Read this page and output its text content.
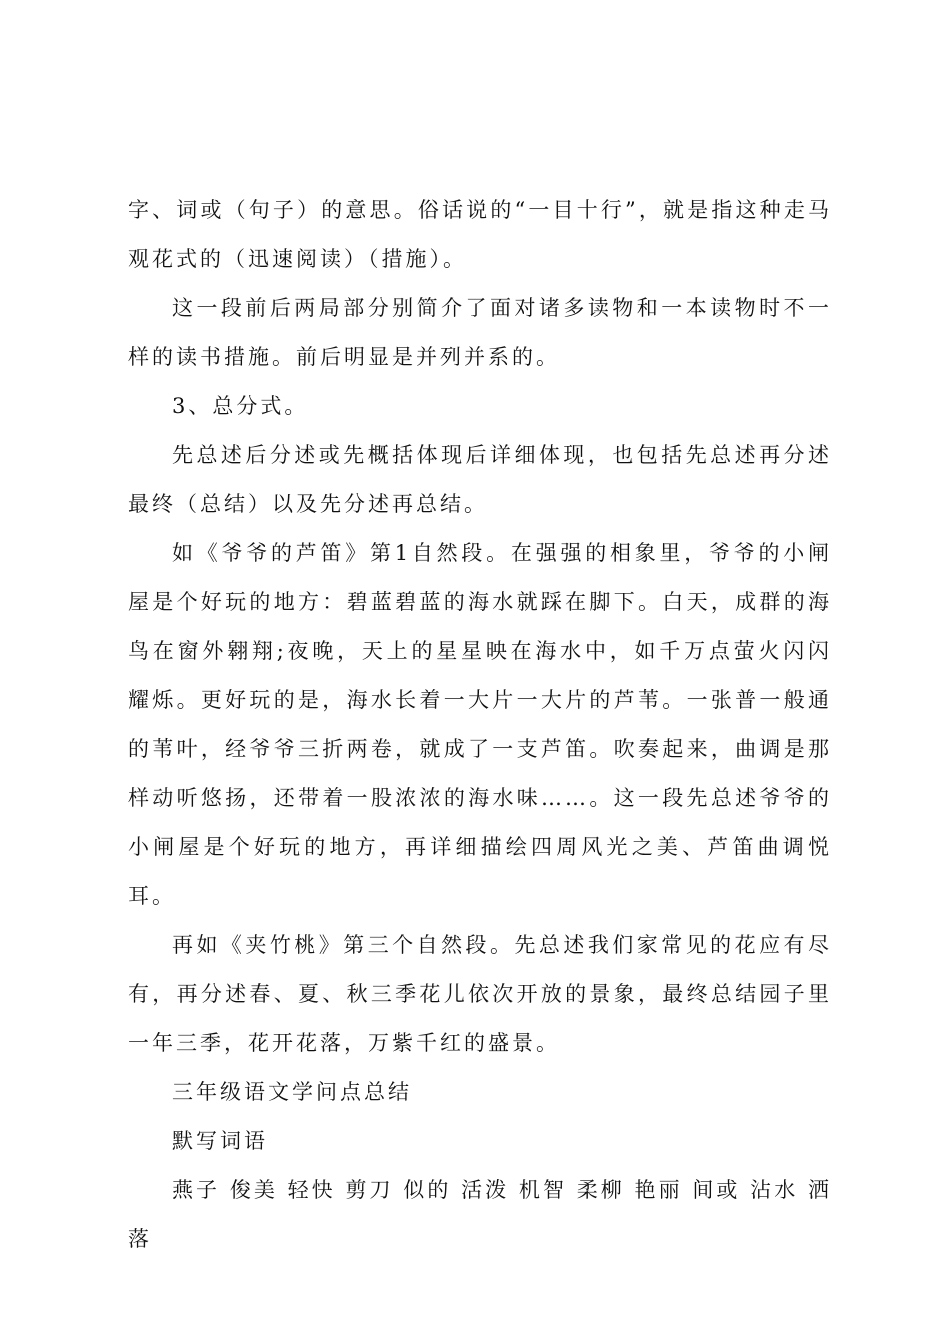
字、词或（句子）的意思。俗话说的“一目十行”，就是指这种走马观花式的（迅速阅读）（措施）。

这一段前后两局部分别简介了面对诸多读物和一本读物时不一样的读书措施。前后明显是并列并系的。

3、总分式。

先总述后分述或先概括体现后详细体现，也包括先总述再分述最终（总结）以及先分述再总结。

如《爷爷的芦笛》第1自然段。在强强的相象里，爷爷的小闸屋是个好玩的地方：碧蓝碧蓝的海水就踩在脚下。白天，成群的海鸟在窗外翱翔;夜晚，天上的星星映在海水中，如千万点萤火闪闪耀烁。更好玩的是，海水长着一大片一大片的芦苇。一张普一般通的苇叶，经爷爷三折两卷，就成了一支芦笛。吹奏起来，曲调是那样动听悠扬，还带着一股浓浓的海水味……。这一段先总述爷爷的小闸屋是个好玩的地方，再详细描绘四周风光之美、芦笛曲调悦耳。

再如《夹竹桃》第三个自然段。先总述我们家常见的花应有尽有，再分述春、夏、秋三季花儿依次开放的景象，最终总结园子里一年三季，花开花落，万紫千红的盛景。

三年级语文学问点总结

默写词语

燕子 俊美 轻快 剪刀 似的 活泼 机智 柔柳 艳丽 间或 沾水 洒落
